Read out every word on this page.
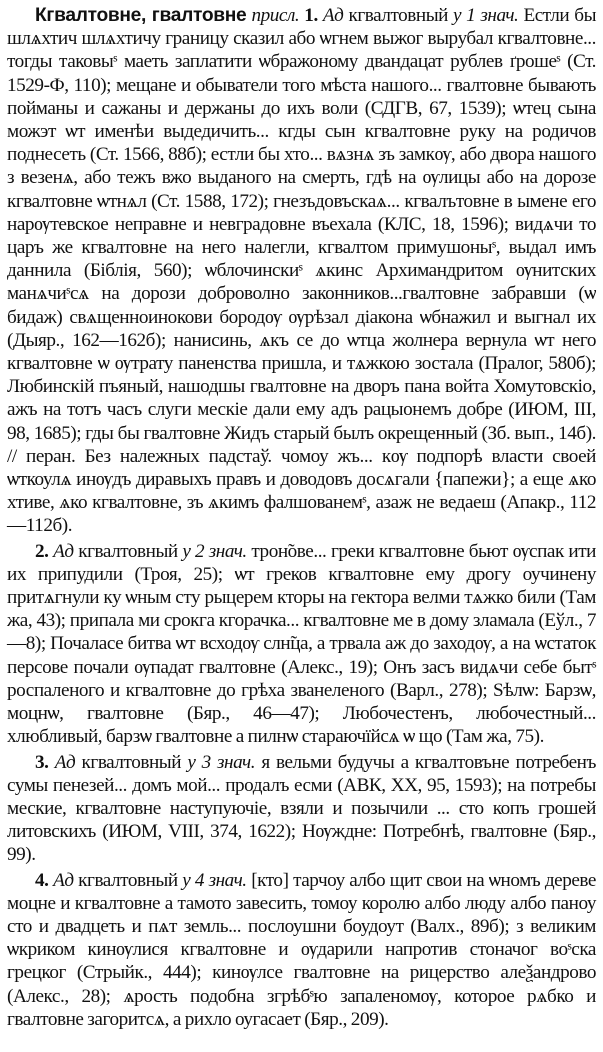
Кгвалтовне, гвалтовне присл. 1. Ад кгвалтовный у 1 знач. Естли бы шлѧхтич шлѧхтичу границу сказил або ѡгнем выжог вырубал кгвалтовне... тогды таковыˢ маеть заплатити ѡбражоному двандацат рублев ґрошеˢ (Ст. 1529-Ф, 110); мещане и обыватели того мѣста нашого... гвалтовне бывають пойманы и сажаны и держаны до ихъ воли (СДГВ, 67, 1539); ѡтец сына можэт ѡт именѣи выдедичить... кгды сын кгвалтовне руку на родичов поднесеть (Ст. 1566, 88б); естли бы хто... вѧзнѧ зъ замкѹ, або двора нашого з везенѧ, або тежъ вжо выданого на смерть, гдѣ на ѹлицы або на дорозе кгвалтовне ѡтнѧл (Ст. 1588, 172); гнезъдовъскаѧ... кгвалътовне в ымене его нарѹтевское неправне и невградовне въехала (КЛС, 18, 1596); видѧчи то царъ же кгвалтовне на него налегли, кгвалтом примушоныˢ, выдал имъ даннила (Біблія, 560); ѡблочинскиˢ ѧкинс Архимандритом ѹнитских манѧчиˢсѧ на дорози доброволно законников...гвалтовне забравши (ѡ бидаж) свѧщенноинокови бородѹ ѹрѣзал діакона ѡбнажил и выгнал их (Дыяр., 162—162б); нанисинь, ѧкъ се до ѡтца жолнера вернула ѡт него кгвалтовне ѡ ѹтрату паненства пришла, и тѧжкою зостала (Пралог, 580б); Любинскій пъяный, нашодшы гвалтовне на дворъ пана войта Хомутовскіо, ажъ на тотъ часъ слуги мескіе дали ему адъ рацыонемъ добре (ИЮМ, III, 98, 1685); гды бы гвалтовне Жидъ старый былъ окрещенный (Зб. вып., 14б). // перан. Без належных падстаў. чомоу жъ... кѹ подпорѣ власти своей ѡткоулѧ инѹдъ диравыхъ правъ и доводовъ досѧгали {папежи}; а еще ѧко хтиве, ѧко кгвалтовне, зъ ѧкимъ фалшованемˢ, азаж не ведаеш (Апакр., 112—112б).

2. Ад кгвалтовный у 2 знач. трон̃ове... греки кгвалтовне бьют ѹспак ити их припудили (Троя, 25); ѡт греков кгвалтовне ему дрогу оучинену притѧгнули ку ѡным сту рыцерем кторы на гектора велми тѧжко били (Там жа, 43); припала ми срокга кгорачка... кгвалтовне ме в дому зламала (Еўл., 7—8); Почаласе битва ѡт всходѹ слн̃ца, а трвала аж до заходѹ, а на ѡстаток персове почали ѹпадат гвалтовне (Алекс., 19); Онъ засъ видѧчи себе бытˢ роспаленого и кгвалтовне до грѣха званеленого (Варл., 278); Sѣлѡ: Барзѡ, моцнѡ, гвалтовне (Бяр., 46—47); Любочестенъ, любочестный... хлюбливый, барзѡ гвалтовне а пилнѡ стараючїйсѧ ѡ що (Там жа, 75).

3. Ад кгвалтовный у 3 знач. я вельми будучы а кгвалтовъне потребенъ сумы пенезей... домъ мой... продалъ есми (АВК, XX, 95, 1593); на потребы меские, кгвалтовне наступуючіе, взяли и позычили ... сто копъ грошей литовскихъ (ИЮМ, VIII, 374, 1622); Нѹждне: Потребнѣ, гвалтовне (Бяр., 99).

4. Ад кгвалтовный у 4 знач. [кто] тарчоу албо щит свои на ѡномъ дереве моцне и кгвалтовне а тамото завесить, томоу королю албо люду албо паноу сто и двадцеть и пѧт земль... послоушни боудоут (Валх., 89б); з великим ѡкриком кинѹлися кгвалтовне и ѹдарили напротив стоначог воˢска грецког (Стрыйк., 444); кинѹлсе гвалтовне на рицерство алеѯандрово (Алекс., 28); ѧрость подобна згрѣбˢю запаленомѹ, которое рѧбко и гвалтовне загоритсѧ, а рихло оугасает (Бяр., 209).
